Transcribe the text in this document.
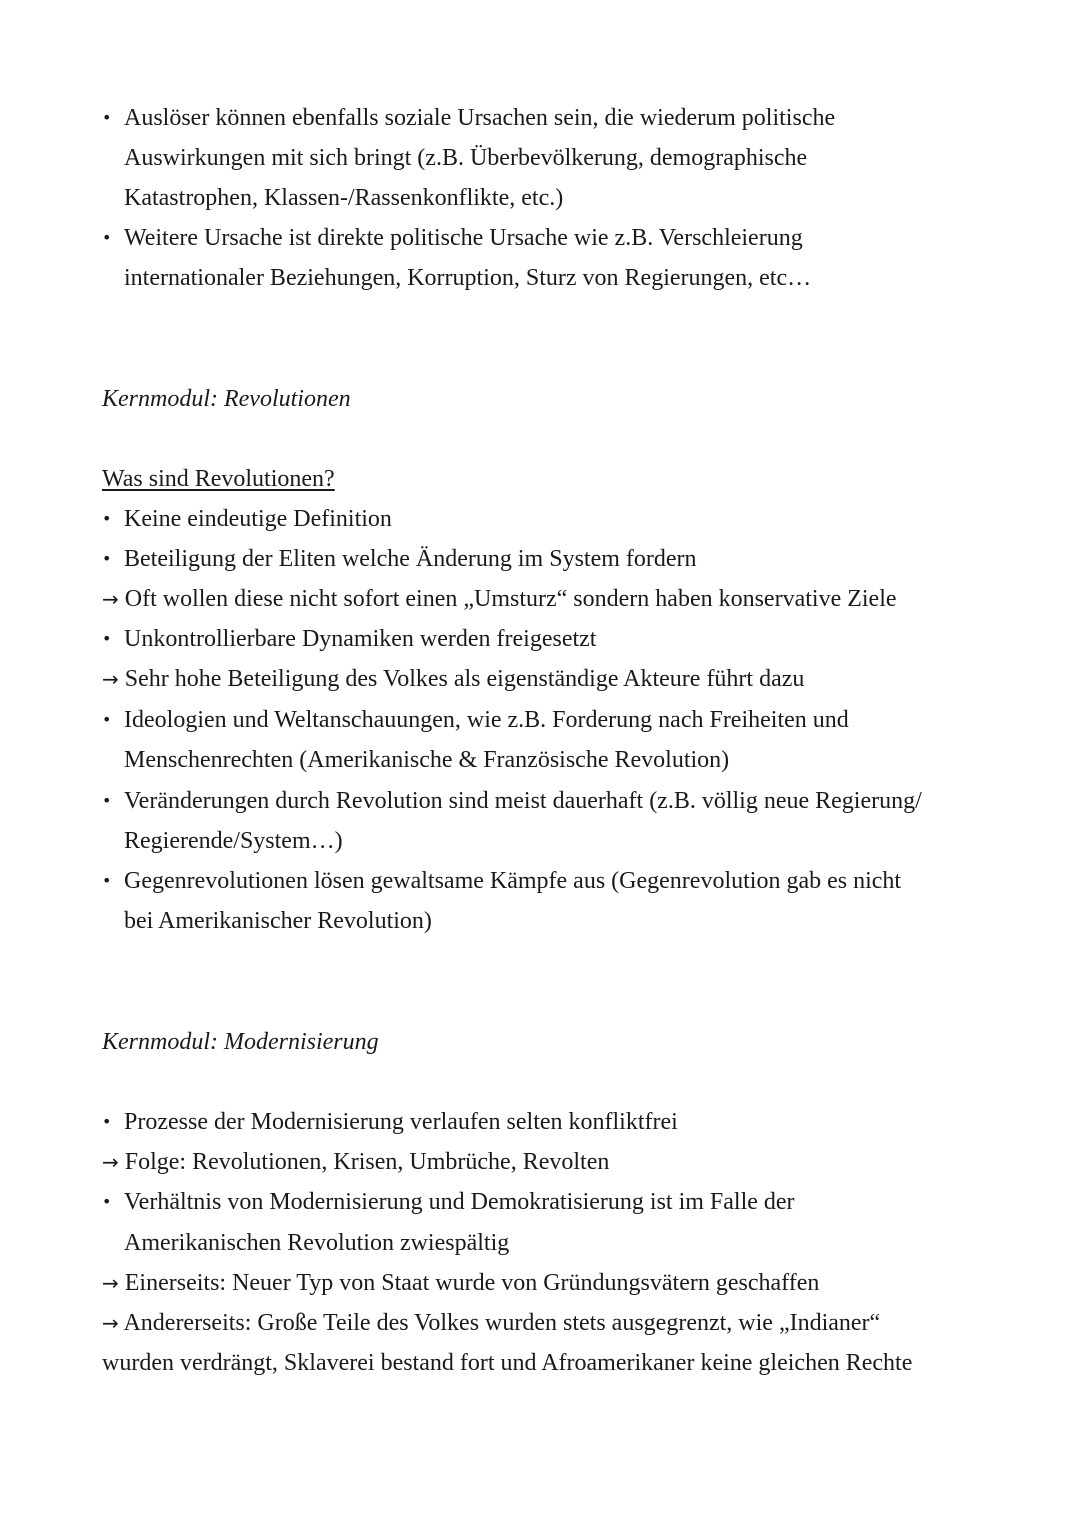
• Auslöser können ebenfalls soziale Ursachen sein, die wiederum politische
Auswirkungen mit sich bringt (z.B. Überbevölkerung, demographische
Katastrophen, Klassen-/Rassenkonflikte, etc.)
• Weitere Ursache ist direkte politische Ursache wie z.B. Verschleierung
internationaler Beziehungen, Korruption, Sturz von Regierungen, etc…
Kernmodul: Revolutionen
Was sind Revolutionen?
• Keine eindeutige Definition
• Beteiligung der Eliten welche Änderung im System fordern
→ Oft wollen diese nicht sofort einen „Umsturz“ sondern haben konservative Ziele
• Unkontrollierbare Dynamiken werden freigesetzt
→ Sehr hohe Beteiligung des Volkes als eigenständige Akteure führt dazu
• Ideologien und Weltanschauungen, wie z.B. Forderung nach Freiheiten und
Menschenrechten (Amerikanische & Französische Revolution)
• Veränderungen durch Revolution sind meist dauerhaft (z.B. völlig neue Regierung/
Regierende/System…)
• Gegenrevolutionen lösen gewaltsame Kämpfe aus (Gegenrevolution gab es nicht
bei Amerikanischer Revolution)
Kernmodul: Modernisierung
• Prozesse der Modernisierung verlaufen selten konfliktfrei
→ Folge: Revolutionen, Krisen, Umbrüche, Revolten
• Verhältnis von Modernisierung und Demokratisierung ist im Falle der
Amerikanischen Revolution zwiespältig
→ Einerseits: Neuer Typ von Staat wurde von Gründungsvätern geschaffen
→ Andererseits: Große Teile des Volkes wurden stets ausgegrenzt, wie „Indianer“
wurden verdrängt, Sklaverei bestand fort und Afroamerikaner keine gleichen Rechte
